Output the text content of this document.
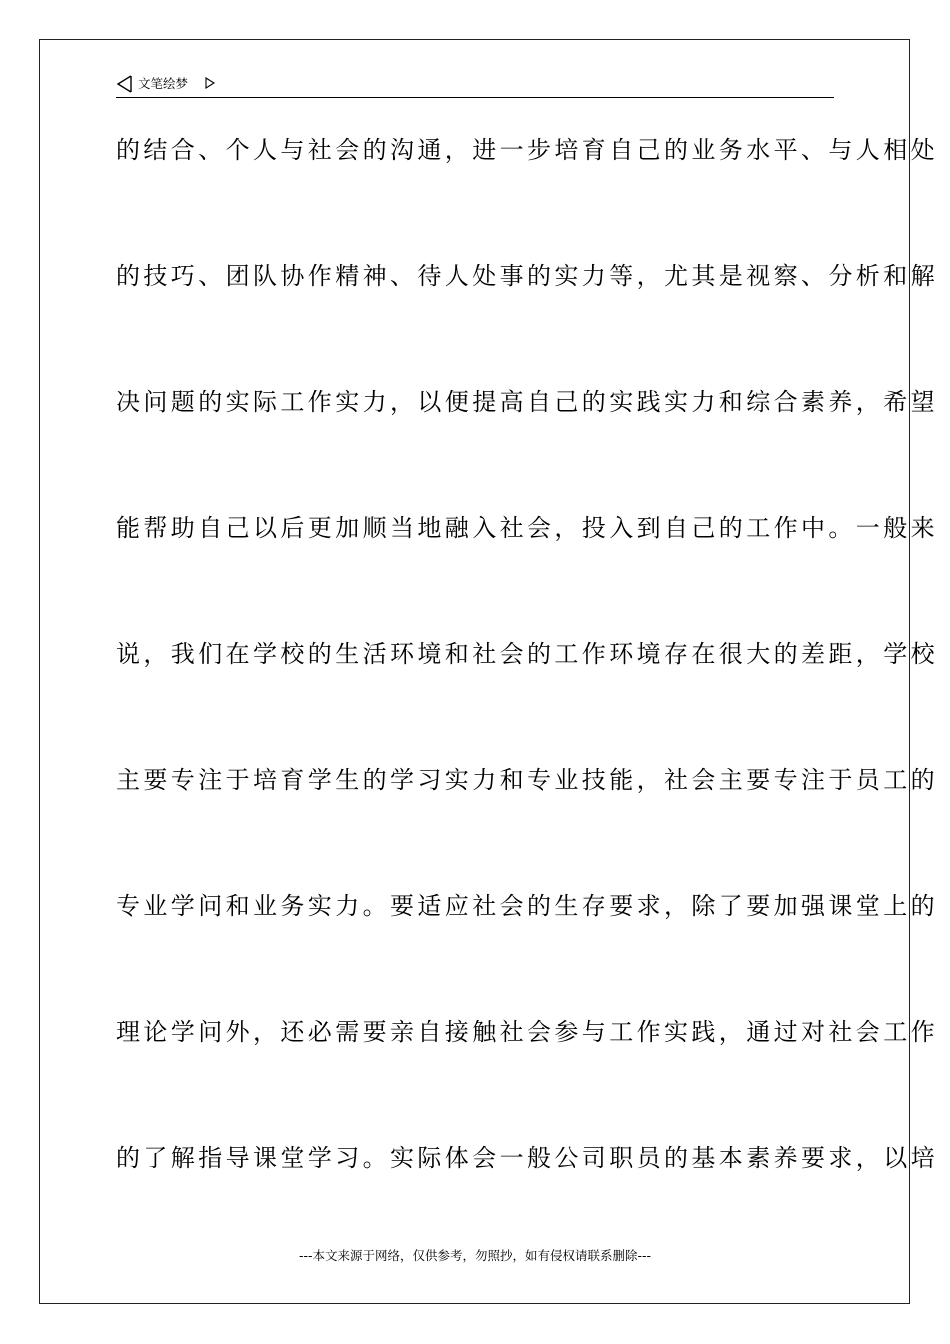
文笔绘梦
的结合、个人与社会的沟通，进一步培育自己的业务水平、与人相处
的技巧、团队协作精神、待人处事的实力等，尤其是视察、分析和解
决问题的实际工作实力，以便提高自己的实践实力和综合素养，希望
能帮助自己以后更加顺当地融入社会，投入到自己的工作中。一般来
说，我们在学校的生活环境和社会的工作环境存在很大的差距，学校
主要专注于培育学生的学习实力和专业技能，社会主要专注于员工的
专业学问和业务实力。要适应社会的生存要求，除了要加强课堂上的
理论学问外，还必需要亲自接触社会参与工作实践，通过对社会工作
的了解指导课堂学习。实际体会一般公司职员的基本素养要求，以培
---本文来源于网络，仅供参考，勿照抄，如有侵权请联系删除---
